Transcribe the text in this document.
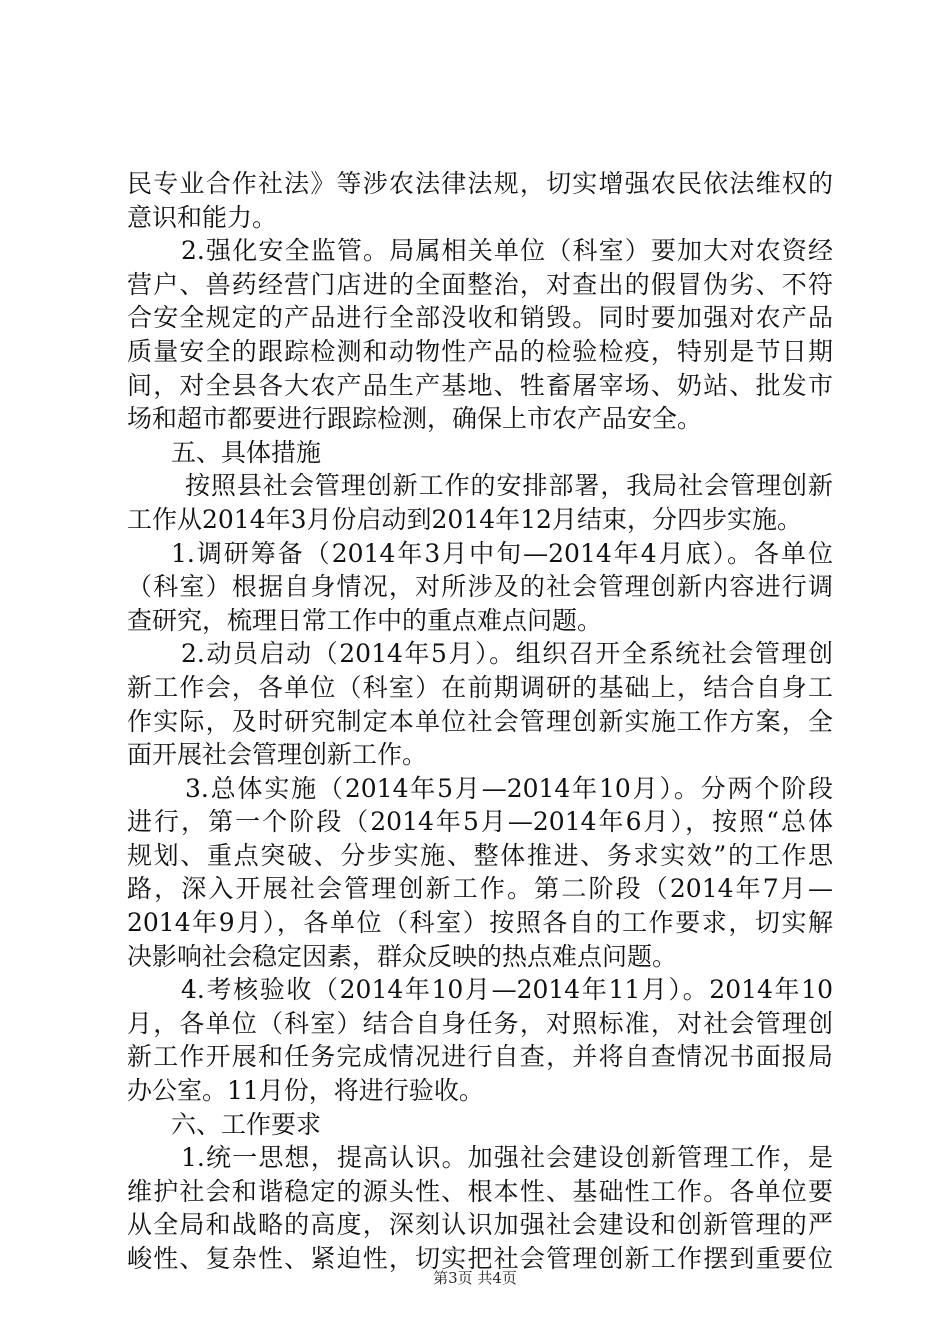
民专业合作社法》等涉农法律法规，切实增强农民依法维权的
意识和能力。
2.强化安全监管。局属相关单位（科室）要加大对农资经
营户、兽药经营门店进的全面整治，对查出的假冒伪劣、不符
合安全规定的产品进行全部没收和销毁。同时要加强对农产品
质量安全的跟踪检测和动物性产品的检验检疫，特别是节日期
间，对全县各大农产品生产基地、牲畜屠宰场、奶站、批发市
场和超市都要进行跟踪检测，确保上市农产品安全。
五、具体措施
按照县社会管理创新工作的安排部署，我局社会管理创新
工作从2014年3月份启动到2014年12月结束，分四步实施。
1.调研筹备（2014年3月中旬—2014年4月底）。各单位
（科室）根据自身情况，对所涉及的社会管理创新内容进行调
查研究，梳理日常工作中的重点难点问题。
2.动员启动（2014年5月）。组织召开全系统社会管理创
新工作会，各单位（科室）在前期调研的基础上，结合自身工
作实际，及时研究制定本单位社会管理创新实施工作方案，全
面开展社会管理创新工作。
3.总体实施（2014年5月—2014年10月）。分两个阶段
进行，第一个阶段（2014年5月—2014年6月），按照“总体
规划、重点突破、分步实施、整体推进、务求实效”的工作思
路，深入开展社会管理创新工作。第二阶段（2014年7月—
2014年9月），各单位（科室）按照各自的工作要求，切实解
决影响社会稳定因素，群众反映的热点难点问题。
4.考核验收（2014年10月—2014年11月）。2014年10
月，各单位（科室）结合自身任务，对照标准，对社会管理创
新工作开展和任务完成情况进行自查，并将自查情况书面报局
办公室。11月份，将进行验收。
六、工作要求
1.统一思想，提高认识。加强社会建设创新管理工作，是
维护社会和谐稳定的源头性、根本性、基础性工作。各单位要
从全局和战略的高度，深刻认识加强社会建设和创新管理的严
峻性、复杂性、紧迫性，切实把社会管理创新工作摆到重要位
第3页 共4页
